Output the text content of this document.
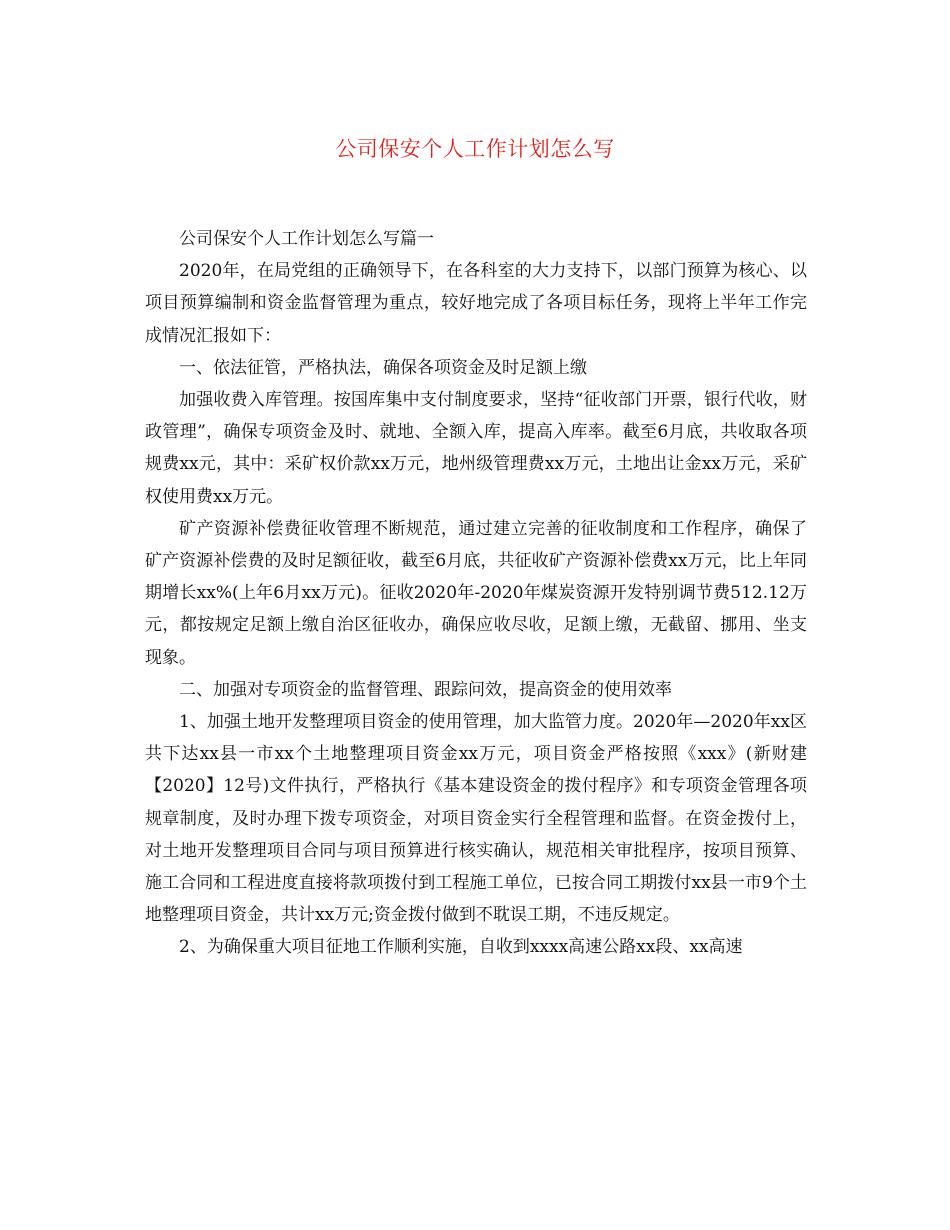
公司保安个人工作计划怎么写

公司保安个人工作计划怎么写篇一

2020年，在局党组的正确领导下，在各科室的大力支持下，以部门预算为核心、以项目预算编制和资金监督管理为重点，较好地完成了各项目标任务，现将上半年工作完成情况汇报如下：

一、依法征管，严格执法，确保各项资金及时足额上缴

加强收费入库管理。按国库集中支付制度要求，坚持“征收部门开票，银行代收，财政管理”，确保专项资金及时、就地、全额入库，提高入库率。截至6月底，共收取各项规费xx元，其中：采矿权价款xx万元，地州级管理费xx万元，土地出让金xx万元，采矿权使用费xx万元。

矿产资源补偿费征收管理不断规范，通过建立完善的征收制度和工作程序，确保了矿产资源补偿费的及时足额征收，截至6月底，共征收矿产资源补偿费xx万元，比上年同期增长xx%(上年6月xx万元)。征收2020年-2020年煤炭资源开发特别调节费512.12万元，都按规定足额上缴自治区征收办，确保应收尽收，足额上缴，无截留、挪用、坐支现象。

二、加强对专项资金的监督管理、跟踪问效，提高资金的使用效率

1、加强土地开发整理项目资金的使用管理，加大监管力度。2020年—2020年xx区共下达xx县一市xx个土地整理项目资金xx万元，项目资金严格按照《xxx》(新财建【2020】12号)文件执行，严格执行《基本建设资金的拨付程序》和专项资金管理各项规章制度，及时办理下拨专项资金，对项目资金实行全程管理和监督。在资金拨付上，对土地开发整理项目合同与项目预算进行核实确认，规范相关审批程序，按项目预算、施工合同和工程进度直接将款项拨付到工程施工单位，已按合同工期拨付xx县一市9个土地整理项目资金，共计xx万元;资金拨付做到不耽误工期，不违反规定。

2、为确保重大项目征地工作顺利实施，自收到xxxx高速公路xx段、xx高速
